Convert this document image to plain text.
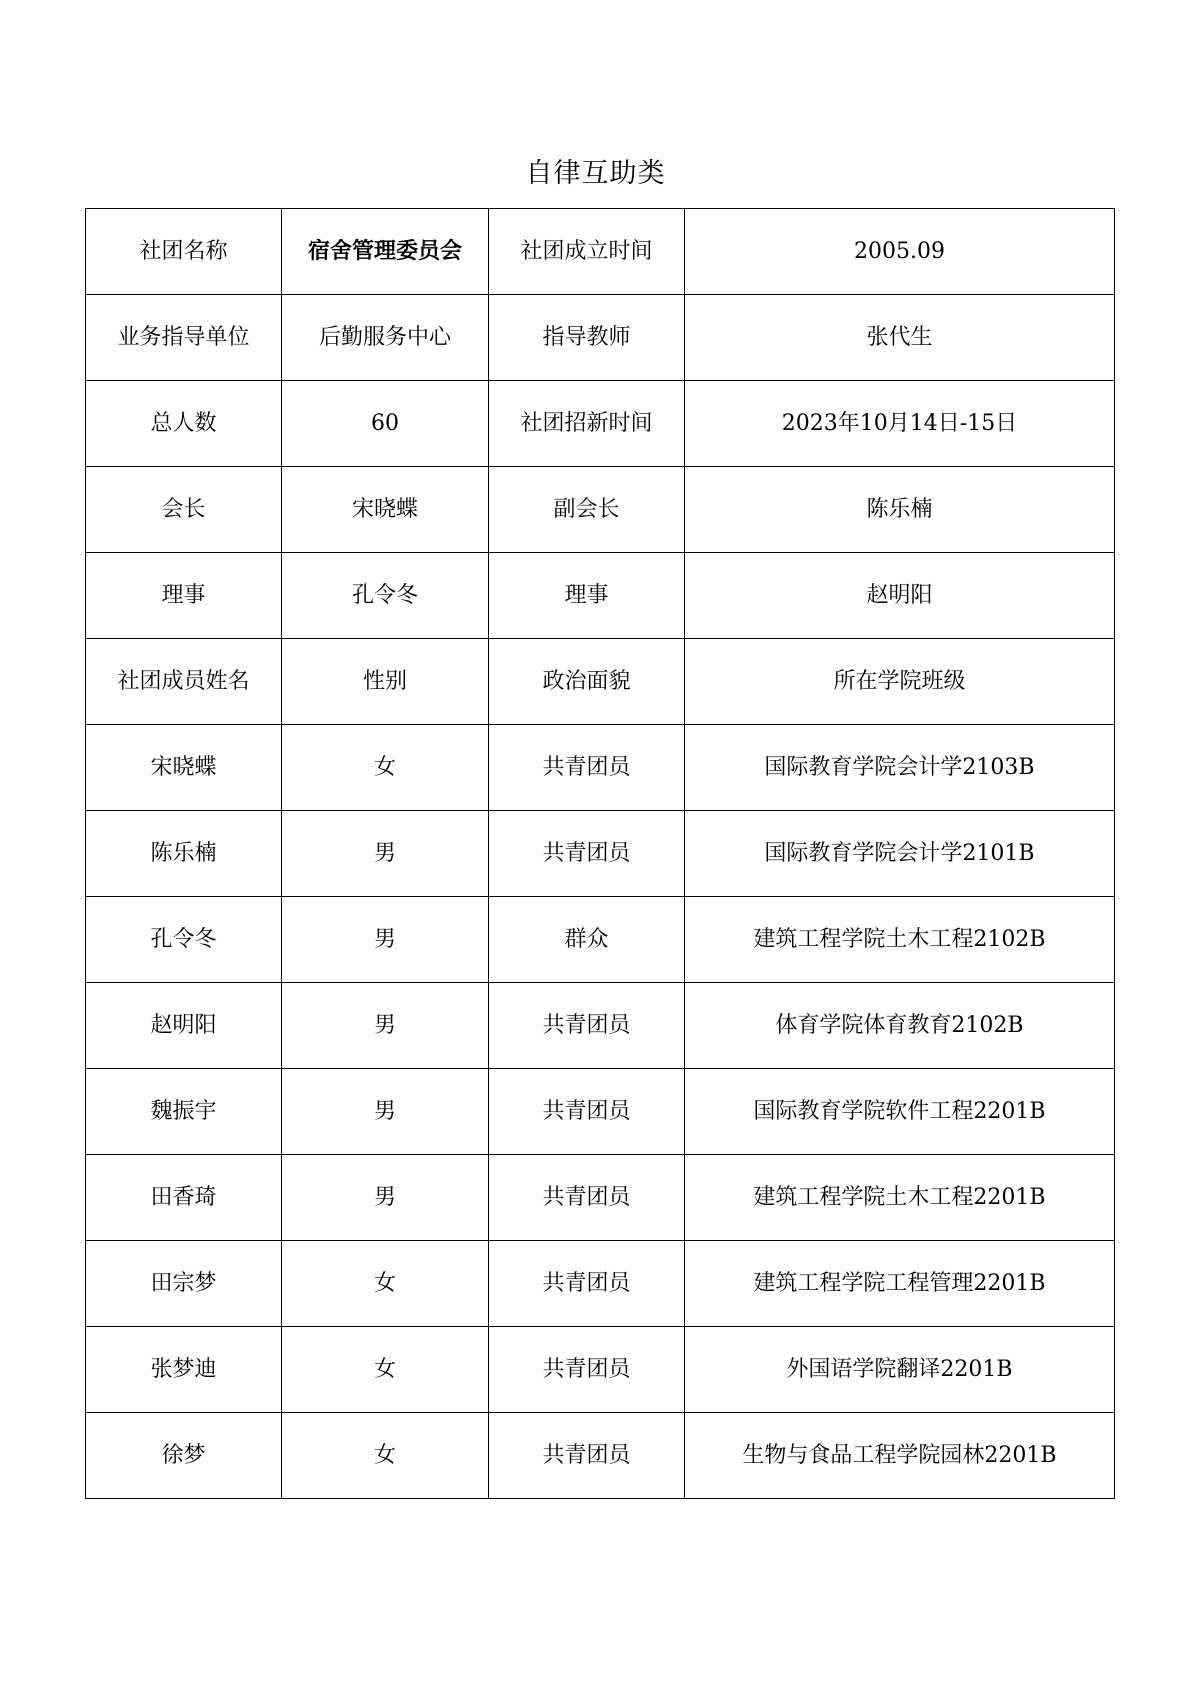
自律互助类
社团名称	宿舍管理委员会	社团成立时间	2005.09
业务指导单位	后勤服务中心	指导教师	张代生
总人数	60	社团招新时间	2023年10月14日-15日
会长	宋晓蝶	副会长	陈乐楠
理事	孔令冬	理事	赵明阳
社团成员姓名	性别	政治面貌	所在学院班级
宋晓蝶	女	共青团员	国际教育学院会计学2103B
陈乐楠	男	共青团员	国际教育学院会计学2101B
孔令冬	男	群众	建筑工程学院土木工程2102B
赵明阳	男	共青团员	体育学院体育教育2102B
魏振宇	男	共青团员	国际教育学院软件工程2201B
田香琦	男	共青团员	建筑工程学院土木工程2201B
田宗梦	女	共青团员	建筑工程学院工程管理2201B
张梦迪	女	共青团员	外国语学院翻译2201B
徐梦	女	共青团员	生物与食品工程学院园林2201B
